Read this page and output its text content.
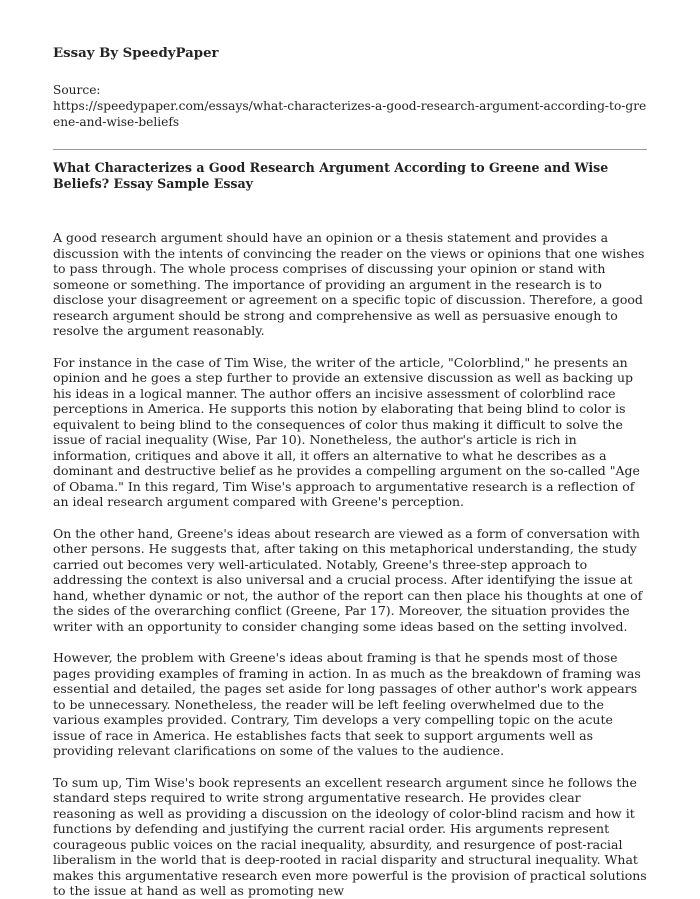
Essay By SpeedyPaper
Source:
https://speedypaper.com/essays/what-characterizes-a-good-research-argument-according-to-greene-and-wise-beliefs
What Characterizes a Good Research Argument According to Greene and Wise Beliefs? Essay Sample Essay

A good research argument should have an opinion or a thesis statement and provides a discussion with the intents of convincing the reader on the views or opinions that one wishes to pass through. The whole process comprises of discussing your opinion or stand with someone or something. The importance of providing an argument in the research is to disclose your disagreement or agreement on a specific topic of discussion. Therefore, a good research argument should be strong and comprehensive as well as persuasive enough to resolve the argument reasonably.

For instance in the case of Tim Wise, the writer of the article, "Colorblind," he presents an opinion and he goes a step further to provide an extensive discussion as well as backing up his ideas in a logical manner. The author offers an incisive assessment of colorblind race perceptions in America. He supports this notion by elaborating that being blind to color is equivalent to being blind to the consequences of color thus making it difficult to solve the issue of racial inequality (Wise, Par 10). Nonetheless, the author's article is rich in information, critiques and above it all, it offers an alternative to what he describes as a dominant and destructive belief as he provides a compelling argument on the so-called "Age of Obama." In this regard, Tim Wise's approach to argumentative research is a reflection of an ideal research argument compared with Greene's perception.

On the other hand, Greene's ideas about research are viewed as a form of conversation with other persons. He suggests that, after taking on this metaphorical understanding, the study carried out becomes very well-articulated. Notably, Greene's three-step approach to addressing the context is also universal and a crucial process. After identifying the issue at hand, whether dynamic or not, the author of the report can then place his thoughts at one of the sides of the overarching conflict (Greene, Par 17). Moreover, the situation provides the writer with an opportunity to consider changing some ideas based on the setting involved.

However, the problem with Greene's ideas about framing is that he spends most of those pages providing examples of framing in action. In as much as the breakdown of framing was essential and detailed, the pages set aside for long passages of other author's work appears to be unnecessary. Nonetheless, the reader will be left feeling overwhelmed due to the various examples provided. Contrary, Tim develops a very compelling topic on the acute issue of race in America. He establishes facts that seek to support arguments well as providing relevant clarifications on some of the values to the audience.

To sum up, Tim Wise's book represents an excellent research argument since he follows the standard steps required to write strong argumentative research. He provides clear reasoning as well as providing a discussion on the ideology of color-blind racism and how it functions by defending and justifying the current racial order. His arguments represent courageous public voices on the racial inequality, absurdity, and resurgence of post-racial liberalism in the world that is deep-rooted in racial disparity and structural inequality. What makes this argumentative research even more powerful is the provision of practical solutions to the issue at hand as well as promoting new
